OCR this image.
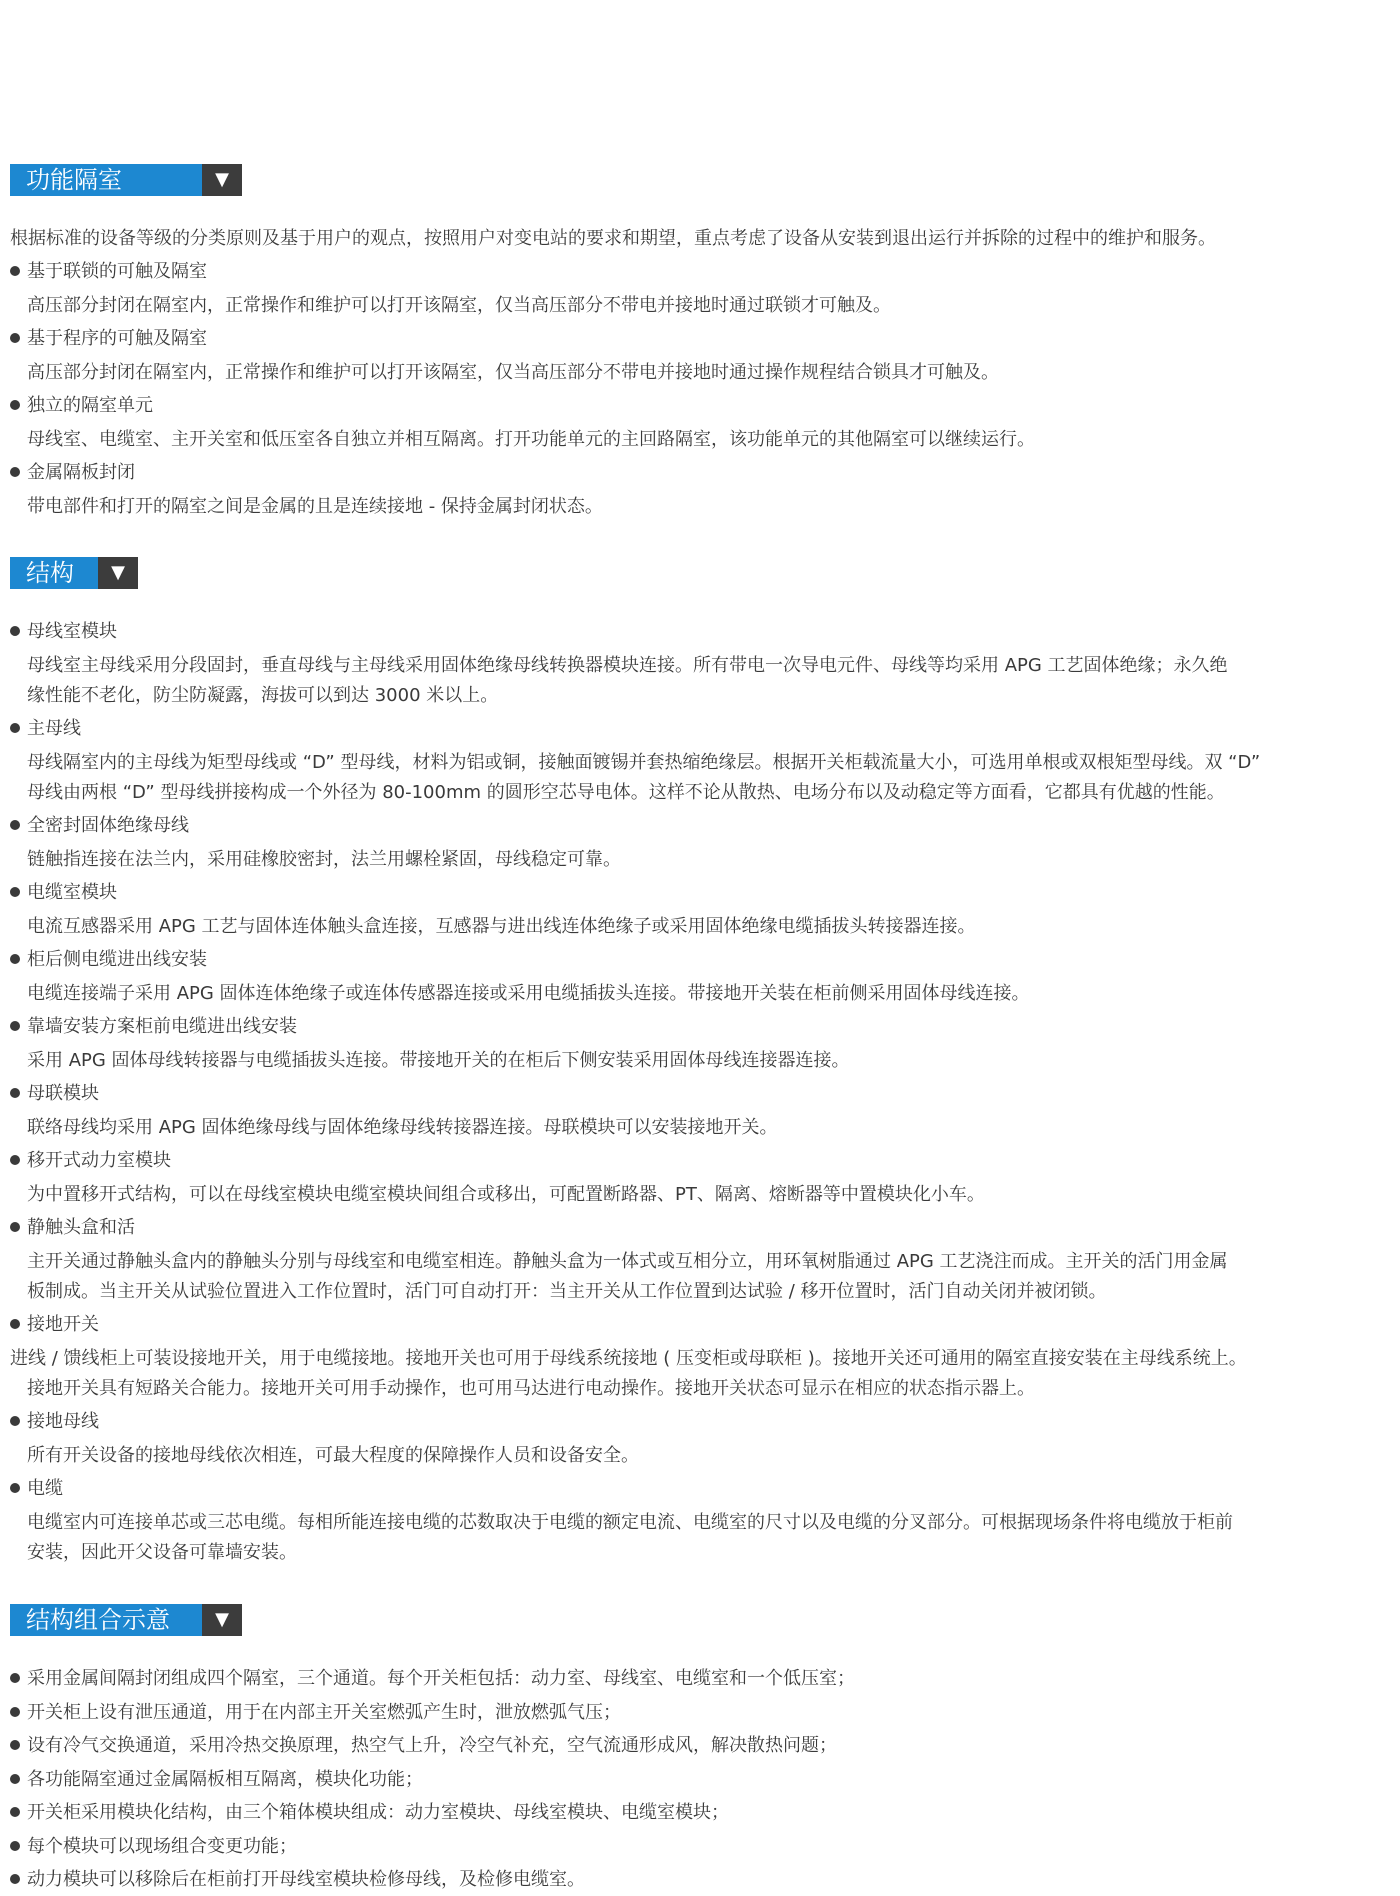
功能隔室	▼
根据标准的设备等级的分类原则及基于用户的观点，按照用户对变电站的要求和期望，重点考虑了设备从安装到退出运行并拆除的过程中的维护和服务。
基于联锁的可触及隔室
高压部分封闭在隔室内，正常操作和维护可以打开该隔室，仅当高压部分不带电并接地时通过联锁才可触及。
基于程序的可触及隔室
高压部分封闭在隔室内，正常操作和维护可以打开该隔室，仅当高压部分不带电并接地时通过操作规程结合锁具才可触及。
独立的隔室单元
母线室、电缆室、主开关室和低压室各自独立并相互隔离。打开功能单元的主回路隔室，该功能单元的其他隔室可以继续运行。
金属隔板封闭
带电部件和打开的隔室之间是金属的且是连续接地 - 保持金属封闭状态。
结构	▼
母线室模块
母线室主母线采用分段固封，垂直母线与主母线采用固体绝缘母线转换器模块连接。所有带电一次导电元件、母线等均采用 APG 工艺固体绝缘；永久绝
缘性能不老化，防尘防凝露，海拔可以到达 3000 米以上。
主母线
母线隔室内的主母线为矩型母线或 “D” 型母线，材料为铝或铜，接触面镀锡并套热缩绝缘层。根据开关柜载流量大小，可选用单根或双根矩型母线。双 “D”
母线由两根 “D” 型母线拼接构成一个外径为 80-100mm 的圆形空芯导电体。这样不论从散热、电场分布以及动稳定等方面看，它都具有优越的性能。
全密封固体绝缘母线
链触指连接在法兰内，采用硅橡胶密封，法兰用螺栓紧固，母线稳定可靠。
电缆室模块
电流互感器采用 APG 工艺与固体连体触头盒连接，互感器与进出线连体绝缘子或采用固体绝缘电缆插拔头转接器连接。
柜后侧电缆进出线安装
电缆连接端子采用 APG 固体连体绝缘子或连体传感器连接或采用电缆插拔头连接。带接地开关装在柜前侧采用固体母线连接。
靠墙安装方案柜前电缆进出线安装
采用 APG 固体母线转接器与电缆插拔头连接。带接地开关的在柜后下侧安装采用固体母线连接器连接。
母联模块
联络母线均采用 APG 固体绝缘母线与固体绝缘母线转接器连接。母联模块可以安装接地开关。
移开式动力室模块
为中置移开式结构，可以在母线室模块电缆室模块间组合或移出，可配置断路器、PT、隔离、熔断器等中置模块化小车。
静触头盒和活
主开关通过静触头盒内的静触头分别与母线室和电缆室相连。静触头盒为一体式或互相分立，用环氧树脂通过 APG 工艺浇注而成。主开关的活门用金属
板制成。当主开关从试验位置进入工作位置时，活门可自动打开：当主开关从工作位置到达试验 / 移开位置时，活门自动关闭并被闭锁。
接地开关
进线 / 馈线柜上可装设接地开关，用于电缆接地。接地开关也可用于母线系统接地 ( 压变柜或母联柜 )。接地开关还可通用的隔室直接安装在主母线系统上。
接地开关具有短路关合能力。接地开关可用手动操作，也可用马达进行电动操作。接地开关状态可显示在相应的状态指示器上。
接地母线
所有开关设备的接地母线依次相连，可最大程度的保障操作人员和设备安全。
电缆
电缆室内可连接单芯或三芯电缆。每相所能连接电缆的芯数取决于电缆的额定电流、电缆室的尺寸以及电缆的分叉部分。可根据现场条件将电缆放于柜前
安装，因此开父设备可靠墙安装。
结构组合示意	▼
采用金属间隔封闭组成四个隔室，三个通道。每个开关柜包括：动力室、母线室、电缆室和一个低压室；
开关柜上设有泄压通道，用于在内部主开关室燃弧产生时，泄放燃弧气压；
设有冷气交换通道，采用冷热交换原理，热空气上升，冷空气补充，空气流通形成风，解决散热问题；
各功能隔室通过金属隔板相互隔离，模块化功能；
开关柜采用模块化结构，由三个箱体模块组成：动力室模块、母线室模块、电缆室模块；
每个模块可以现场组合变更功能；
动力模块可以移除后在柜前打开母线室模块检修母线，及检修电缆室。
